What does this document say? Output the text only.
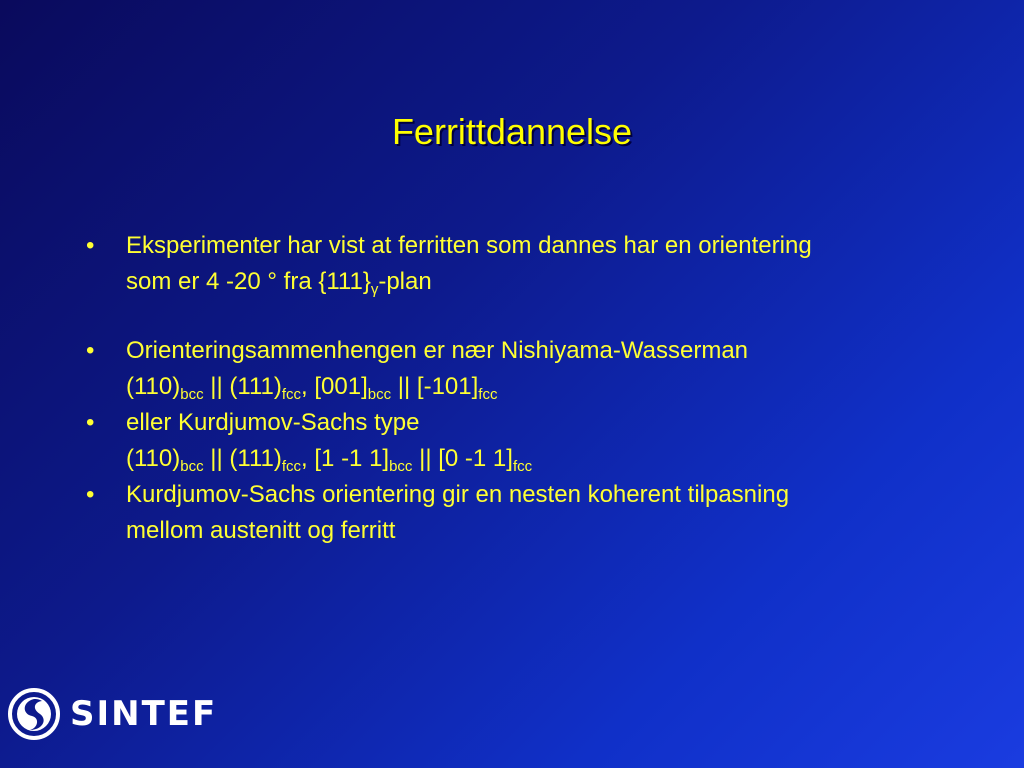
Ferrittdannelse
•	Eksperimenter har vist at ferritten som dannes har en orientering
som er 4 -20 ° fra $\{111\}_\gamma$-plan
•	Orienteringsammenhengen er nær Nishiyama-Wasserman
$(110)_{bcc}$ || $(111)_{fcc}$, $[001]_{bcc}$ || $[-101]_{fcc}$
•	eller Kurdjumov-Sachs type
$(110)_{bcc}$ || $(111)_{fcc}$, [1 -1 $1]_{bcc}$ || [0 -1 $1]_{fcc}$
•	Kurdjumov-Sachs orientering gir en nesten koherent tilpasning
mellom austenitt og ferritt
SINTEF
